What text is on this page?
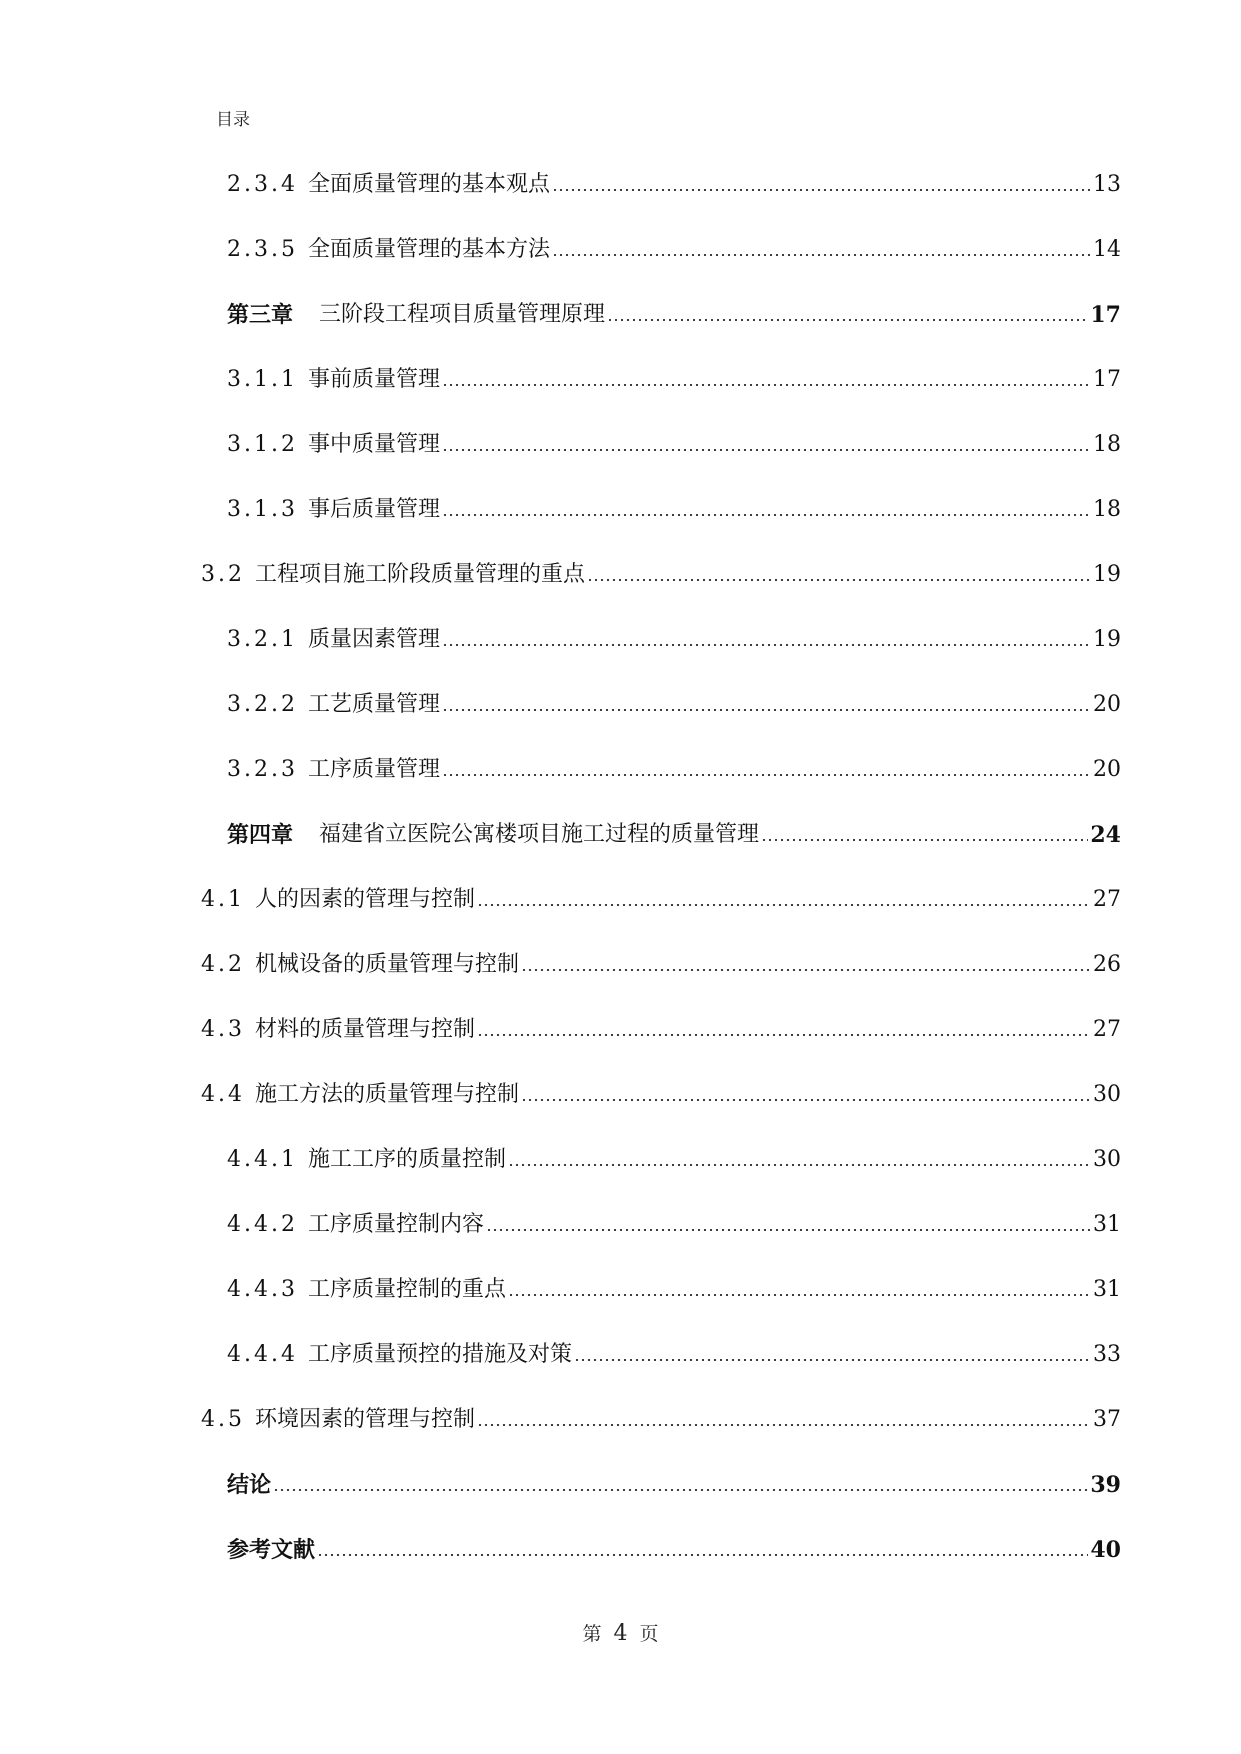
目录
2.3.4 全面质量管理的基本观点	13
2.3.5 全面质量管理的基本方法	14
第三章 三阶段工程项目质量管理原理	17
3.1.1 事前质量管理	17
3.1.2 事中质量管理	18
3.1.3 事后质量管理	18
3.2 工程项目施工阶段质量管理的重点	19
3.2.1 质量因素管理	19
3.2.2 工艺质量管理	20
3.2.3 工序质量管理	20
第四章 福建省立医院公寓楼项目施工过程的质量管理	24
4.1 人的因素的管理与控制	27
4.2 机械设备的质量管理与控制	26
4.3 材料的质量管理与控制	27
4.4 施工方法的质量管理与控制	30
4.4.1 施工工序的质量控制	30
4.4.2 工序质量控制内容	31
4.4.3 工序质量控制的重点	31
4.4.4 工序质量预控的措施及对策	33
4.5 环境因素的管理与控制	37
结论	39
参考文献	40
第 4 页
